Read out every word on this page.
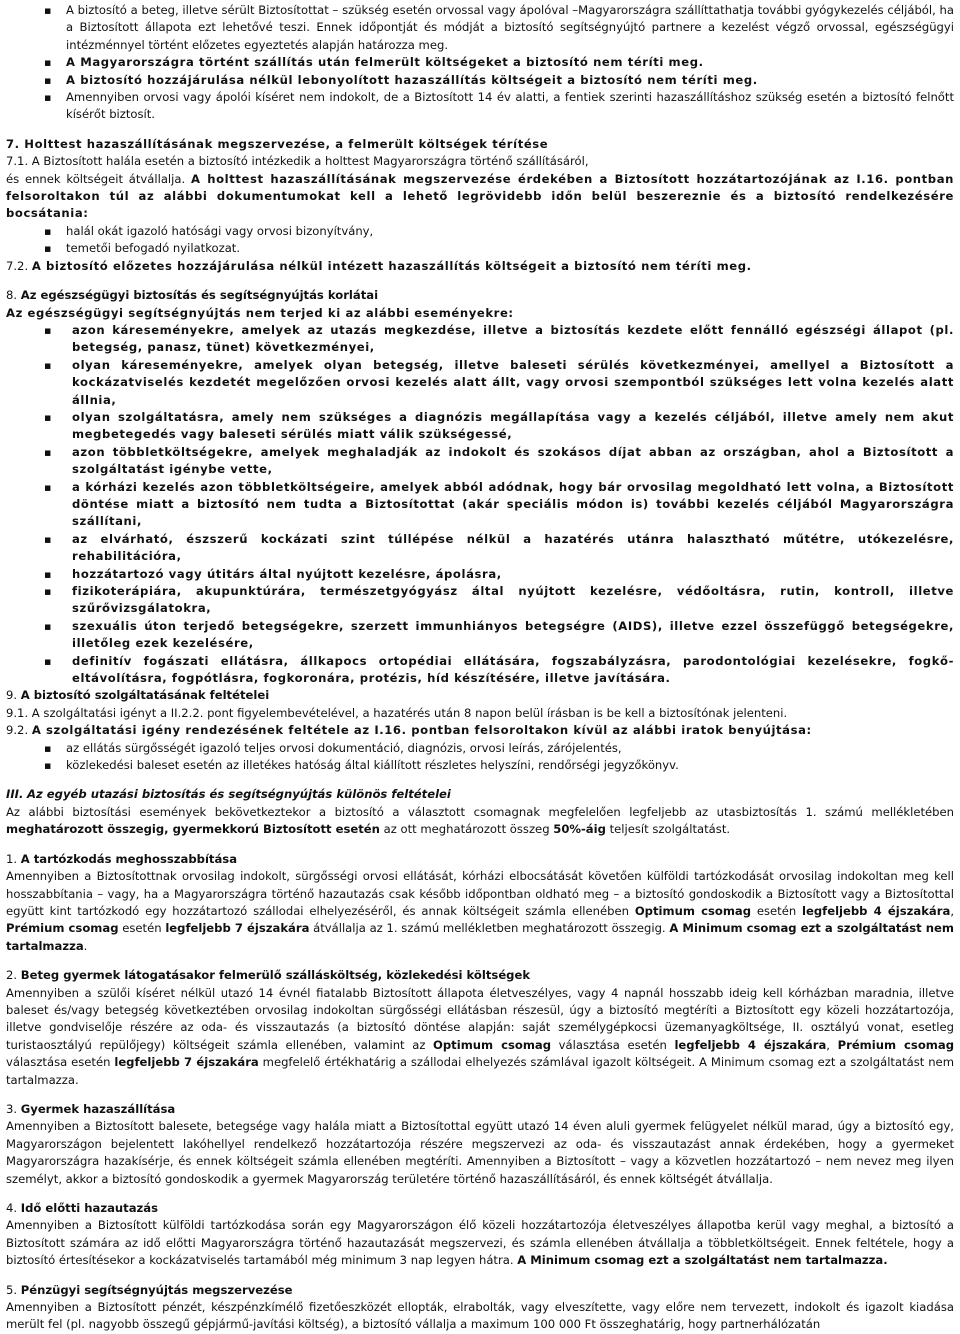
▪ A biztosító a beteg, illetve sérült Biztosítottat – szükség esetén orvossal vagy ápolóval –Magyarországra szállíttathatja további gyógykezelés céljából, ha a Biztosított állapota ezt lehetővé teszi. Ennek időpontját és módját a biztosító segítségnyújtó partnere a kezelést végző orvossal, egészségügyi intézménnyel történt előzetes egyeztetés alapján határozza meg.
▪ A Magyarországra történt szállítás után felmerült költségeket a biztosító nem téríti meg.
▪ A biztosító hozzájárulása nélkül lebonyolított hazaszállítás költségeit a biztosító nem téríti meg.
▪ Amennyiben orvosi vagy ápolói kíséret nem indokolt, de a Biztosított 14 év alatti, a fentiek szerinti hazaszállításhoz szükség esetén a biztosító felnőtt kísérőt biztosít.

7. Holttest hazaszállításának megszervezése, a felmerült költségek térítése

7.1. A Biztosított halála esetén a biztosító intézkedik a holttest Magyarországra történő szállításáról,
és ennek költségeit átvállalja. A holttest hazaszállításának megszervezése érdekében a Biztosított hozzátartozójának az I.16. pontban felsoroltakon túl az alábbi dokumentumokat kell a lehető legrövidebb időn belül beszereznie és a biztosító rendelkezésére bocsátania:

▪ halál okát igazoló hatósági vagy orvosi bizonyítvány,
▪ temetői befogadó nyilatkozat.

7.2. A biztosító előzetes hozzájárulása nélkül intézett hazaszállítás költségeit a biztosító nem téríti meg.

8. Az egészségügyi biztosítás és segítségnyújtás korlátai

Az egészségügyi segítségnyújtás nem terjed ki az alábbi eseményekre:

▪ azon káreseményekre, amelyek az utazás megkezdése, illetve a biztosítás kezdete előtt fennálló egészségi állapot (pl. betegség, panasz, tünet) következményei,
▪ olyan káreseményekre, amelyek olyan betegség, illetve baleseti sérülés következményei, amellyel a Biztosított a kockázatviselés kezdetét megelőzően orvosi kezelés alatt állt, vagy orvosi szempontból szükséges lett volna kezelés alatt állnia,
▪ olyan szolgáltatásra, amely nem szükséges a diagnózis megállapítása vagy a kezelés céljából, illetve amely nem akut megbetegedés vagy baleseti sérülés miatt válik szükségessé,
▪ azon többletköltségekre, amelyek meghaladják az indokolt és szokásos díjat abban az országban, ahol a Biztosított a szolgáltatást igénybe vette,
▪ a kórházi kezelés azon többletköltségeire, amelyek abból adódnak, hogy bár orvosilag megoldható lett volna, a Biztosított döntése miatt a biztosító nem tudta a Biztosítottat (akár speciális módon is) további kezelés céljából Magyarországra szállítani,
▪ az elvárható, észszerű kockázati szint túllépése nélkül a hazatérés utánra halasztható műtétre, utókezelésre, rehabilitációra,
▪ hozzátartozó vagy útitárs által nyújtott kezelésre, ápolásra,
▪ fizikoterápiára, akupunktúrára, természetgyógyász által nyújtott kezelésre, védőoltásra, rutin, kontroll, illetve szűrővizsgálatokra,
▪ szexuális úton terjedő betegségekre, szerzett immunhiányos betegségre (AIDS), illetve ezzel összefüggő betegségekre, illetőleg ezek kezelésére,
▪ definitív fogászati ellátásra, állkapocs ortopédiai ellátására, fogszabályzásra, parodontológiai kezelésekre, fogkő-eltávolításra, fogpótlásra, fogkoronára, protézis, híd készítésére, illetve javítására.

9. A biztosító szolgáltatásának feltételei

9.1. A szolgáltatási igényt a II.2.2. pont figyelembevételével, a hazatérés után 8 napon belül írásban is be kell a biztosítónak jelenteni.

9.2. A szolgáltatási igény rendezésének feltétele az I.16. pontban felsoroltakon kívül az alábbi iratok benyújtása:

▪ az ellátás sürgősségét igazoló teljes orvosi dokumentáció, diagnózis, orvosi leírás, zárójelentés,
▪ közlekedési baleset esetén az illetékes hatóság által kiállított részletes helyszíni, rendőrségi jegyzőkönyv.

III. Az egyéb utazási biztosítás és segítségnyújtás különös feltételei

Az alábbi biztosítási események bekövetkeztekor a biztosító a választott csomagnak megfelelően legfeljebb az utasbiztosítás 1. számú mellékletében meghatározott összegig, gyermekkorú Biztosított esetén az ott meghatározott összeg 50%-áig teljesít szolgáltatást.

1. A tartózkodás meghosszabbítása

Amennyiben a Biztosítottnak orvosilag indokolt, sürgősségi orvosi ellátását, kórházi elbocsátását követően külföldi tartózkodását orvosilag indokoltan meg kell hosszabbítania – vagy, ha a Magyarországra történő hazautazás csak később időpontban oldható meg – a biztosító gondoskodik a Biztosított vagy a Biztosítottal együtt kint tartózkodó egy hozzátartozó szállodai elhelyezéséről, és annak költségeit számla ellenében Optimum csomag esetén legfeljebb 4 éjszakára, Prémium csomag esetén legfeljebb 7 éjszakára átvállalja az 1. számú mellékletben meghatározott összegig. A Minimum csomag ezt a szolgáltatást nem tartalmazza.

2. Beteg gyermek látogatásakor felmerülő szállásköltség, közlekedési költségek

Amennyiben a szülői kíséret nélkül utazó 14 évnél fiatalabb Biztosított állapota életveszélyes, vagy 4 napnál hosszabb ideig kell kórházban maradnia, illetve baleset és/vagy betegség következtében orvosilag indokoltan sürgősségi ellátásban részesül, úgy a biztosító megtéríti a Biztosított egy közeli hozzátartozója, illetve gondviselője részére az oda- és visszautazás (a biztosító döntése alapján: saját személygépkocsi üzemanyagköltsége, II. osztályú vonat, esetleg turistaosztályú repülőjegy) költségeit számla ellenében, valamint az Optimum csomag választása esetén legfeljebb 4 éjszakára, Prémium csomag választása esetén legfeljebb 7 éjszakára megfelelő értékhatárig a szállodai elhelyezés számlával igazolt költségeit. A Minimum csomag ezt a szolgáltatást nem tartalmazza.

3. Gyermek hazaszállítása

Amennyiben a Biztosított balesete, betegsége vagy halála miatt a Biztosítottal együtt utazó 14 éven aluli gyermek felügyelet nélkül marad, úgy a biztosító egy, Magyarországon bejelentett lakóhellyel rendelkező hozzátartozója részére megszervezi az oda- és visszautazást annak érdekében, hogy a gyermeket Magyarországra hazakísérje, és ennek költségeit számla ellenében megtéríti. Amennyiben a Biztosított – vagy a közvetlen hozzátartozó – nem nevez meg ilyen személyt, akkor a biztosító gondoskodik a gyermek Magyarország területére történő hazaszállításáról, és ennek költségét átvállalja.

4. Idő előtti hazautazás

Amennyiben a Biztosított külföldi tartózkodása során egy Magyarországon élő közeli hozzátartozója életveszélyes állapotba kerül vagy meghal, a biztosító a Biztosított számára az idő előtti Magyarországra történő hazautazását megszervezi, és számla ellenében átvállalja a többletköltségeit. Ennek feltétele, hogy a biztosító értesítésekor a kockázatviselés tartamából még minimum 3 nap legyen hátra. A Minimum csomag ezt a szolgáltatást nem tartalmazza.

5. Pénzügyi segítségnyújtás megszervezése

Amennyiben a Biztosított pénzét, készpénzkímélő fizetőeszközét ellopták, elrabolták, vagy elveszítette, vagy előre nem tervezett, indokolt és igazolt kiadása merült fel (pl. nagyobb összegű gépjármű-javítási költség), a biztosító vállalja a maximum 100 000 Ft összeghatárig, hogy partnerhálózatán
